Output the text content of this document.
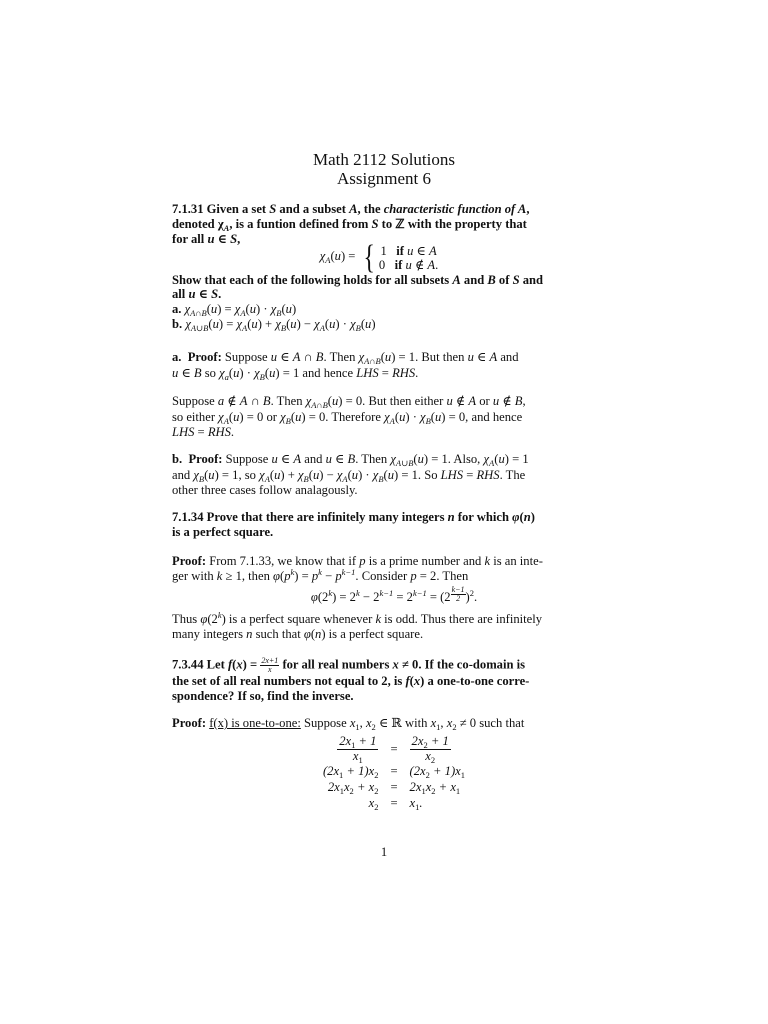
Math 2112 Solutions
Assignment 6
7.1.31 Given a set S and a subset A, the characteristic function of A,
denoted $\chi_A$, is a funtion defined from S to ℤ with the property that
for all u ∈ S,
$\chi_A(u)$ = { 1 if u ∈ A
0 if u ∉ A.
Show that each of the following holds for all subsets A and B of S and
all u ∈ S.
a. $\chi_{A\cap B}(u) = \chi_A(u) \cdot \chi_B(u)$
b. $\chi_{A\cup B}(u) = \chi_A(u) + \chi_B(u) - \chi_A(u) \cdot \chi_B(u)$
a.  Proof: Suppose u ∈ A ∩ B. Then $\chi_{A\cap B}(u) = 1$. But then u ∈ A and
u ∈ B so $\chi_a(u) \cdot \chi_B(u) = 1$ and hence LHS = RHS.
Suppose a ∉ A ∩ B. Then $\chi_{A\cap B}(u) = 0$. But then either u ∉ A or u ∉ B,
so either $\chi_A(u) = 0$ or $\chi_B(u) = 0$. Therefore $\chi_A(u) \cdot \chi_B(u) = 0$, and hence
LHS = RHS.
b.  Proof: Suppose u ∈ A and u ∈ B. Then $\chi_{A\cup B}(u) = 1$. Also, $\chi_A(u) = 1$
and $\chi_B(u) = 1$, so $\chi_A(u) + \chi_B(u) - \chi_A(u) \cdot \chi_B(u) = 1$. So LHS = RHS. The
other three cases follow analagously.
7.1.34 Prove that there are infinitely many integers n for which φ(n)
is a perfect square.
Proof: From 7.1.33, we know that if p is a prime number and k is an inte-
ger with k ≥ 1, then $\varphi(p^k) = p^k - p^{k-1}$. Consider p = 2. Then
$\varphi(2^k) = 2^k - 2^{k-1} = 2^{k-1} = (2$ $^{\frac{k-1}{2}}$ )$^2$.
Thus φ(2$^k$) is a perfect square whenever k is odd. Thus there are infinitely
many integers n such that φ(n) is a perfect square.
7.3.44 Let $f(x) = \frac{2x+1}{x}$ for all real numbers x ≠ 0. If the co-domain is
the set of all real numbers not equal to 2, is f(x) a one-to-one corre-
spondence? If so, find the inverse.
Proof: f(x) is one-to-one: Suppose $x_1$, $x_2$ ∈ ℝ with $x_1$, $x_2 \ne 0$ such that
$\frac{2x_1 + 1}{x_1}$	=	$\frac{2x_2 + 1}{x_2}$

$(2x_1 + 1)x_2$	=	$(2x_2 + 1)x_1$
$2x_1x_2 + x_2$	=	$2x_1x_2 + x_1$
$x_2$	=	$x_1$.
1
